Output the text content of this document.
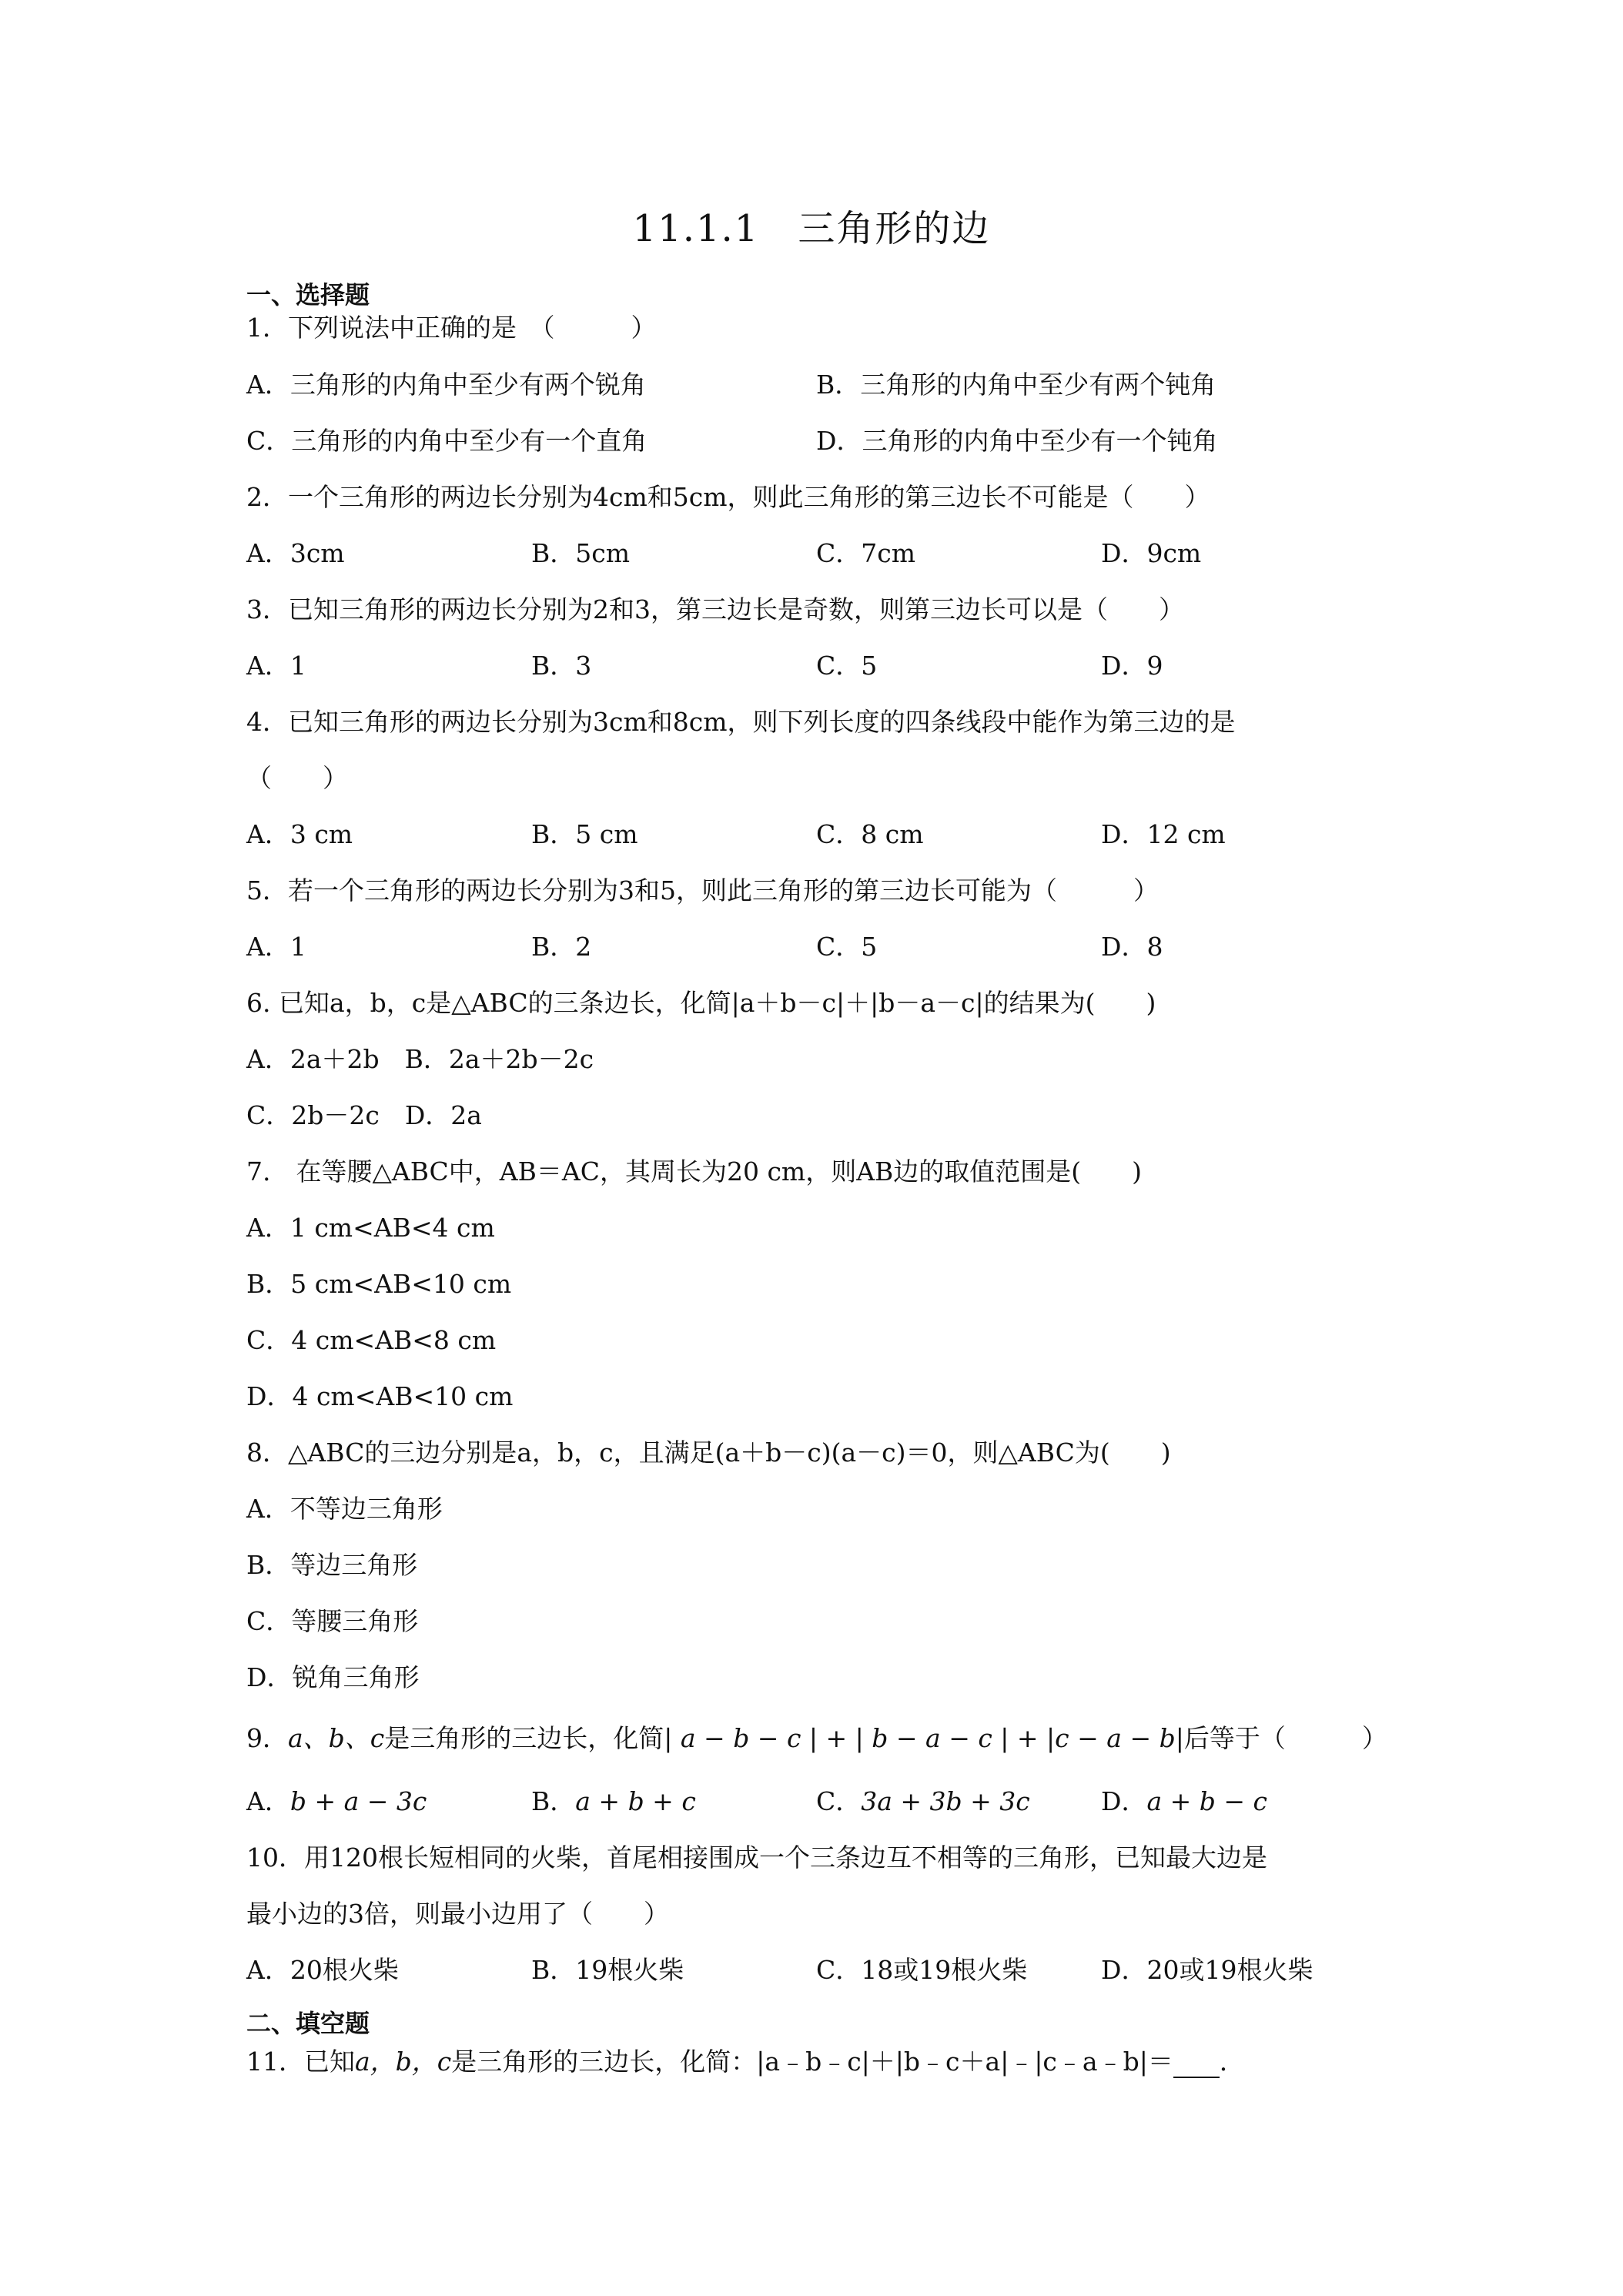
11.1.1　三角形的边
一、选择题
1．下列说法中正确的是　（　　　）
A．三角形的内角中至少有两个锐角	B．三角形的内角中至少有两个钝角
C．三角形的内角中至少有一个直角	D．三角形的内角中至少有一个钝角
2．一个三角形的两边长分别为4cm和5cm，则此三角形的第三边长不可能是（　　）
A．3cm	B．5cm	C．7cm	D．9cm
3．已知三角形的两边长分别为2和3，第三边长是奇数，则第三边长可以是（　　）
A．1	B．3	C．5	D．9
4．已知三角形的两边长分别为3cm和8cm，则下列长度的四条线段中能作为第三边的是
（　　）
A．3 cm	B．5 cm	C．8 cm	D．12 cm
5．若一个三角形的两边长分别为3和5，则此三角形的第三边长可能为（　　　）
A．1	B．2	C．5	D．8
6. 已知a，b，c是△ABC的三条边长，化简|a＋b－c|＋|b－a－c|的结果为(　　)
A．2a＋2b　B．2a＋2b－2c
C．2b－2c　D．2a
7.　在等腰△ABC中，AB＝AC，其周长为20 cm，则AB边的取值范围是(　　)
A．1 cm<AB<4 cm
B．5 cm<AB<10 cm
C．4 cm<AB<8 cm
D．4 cm<AB<10 cm
8．△ABC的三边分别是a，b，c，且满足(a＋b－c)(a－c)＝0，则△ABC为(　　)
A．不等边三角形
B．等边三角形
C．等腰三角形
D．锐角三角形
9．a、b、c是三角形的三边长，化简| a − b − c | + | b − a − c | + |c − a − b|后等于（　　　）
A．b + a − 3c	B．a + b + c	C．3a + 3b + 3c	D．a + b − c
10．用120根长短相同的火柴，首尾相接围成一个三条边互不相等的三角形，已知最大边是
最小边的3倍，则最小边用了（　　）
A．20根火柴	B．19根火柴	C．18或19根火柴	D．20或19根火柴
二、填空题
11．已知a，b，c是三角形的三边长，化简：|a﹣b﹣c|＋|b﹣c＋a|﹣|c﹣a﹣b|＝ ．
